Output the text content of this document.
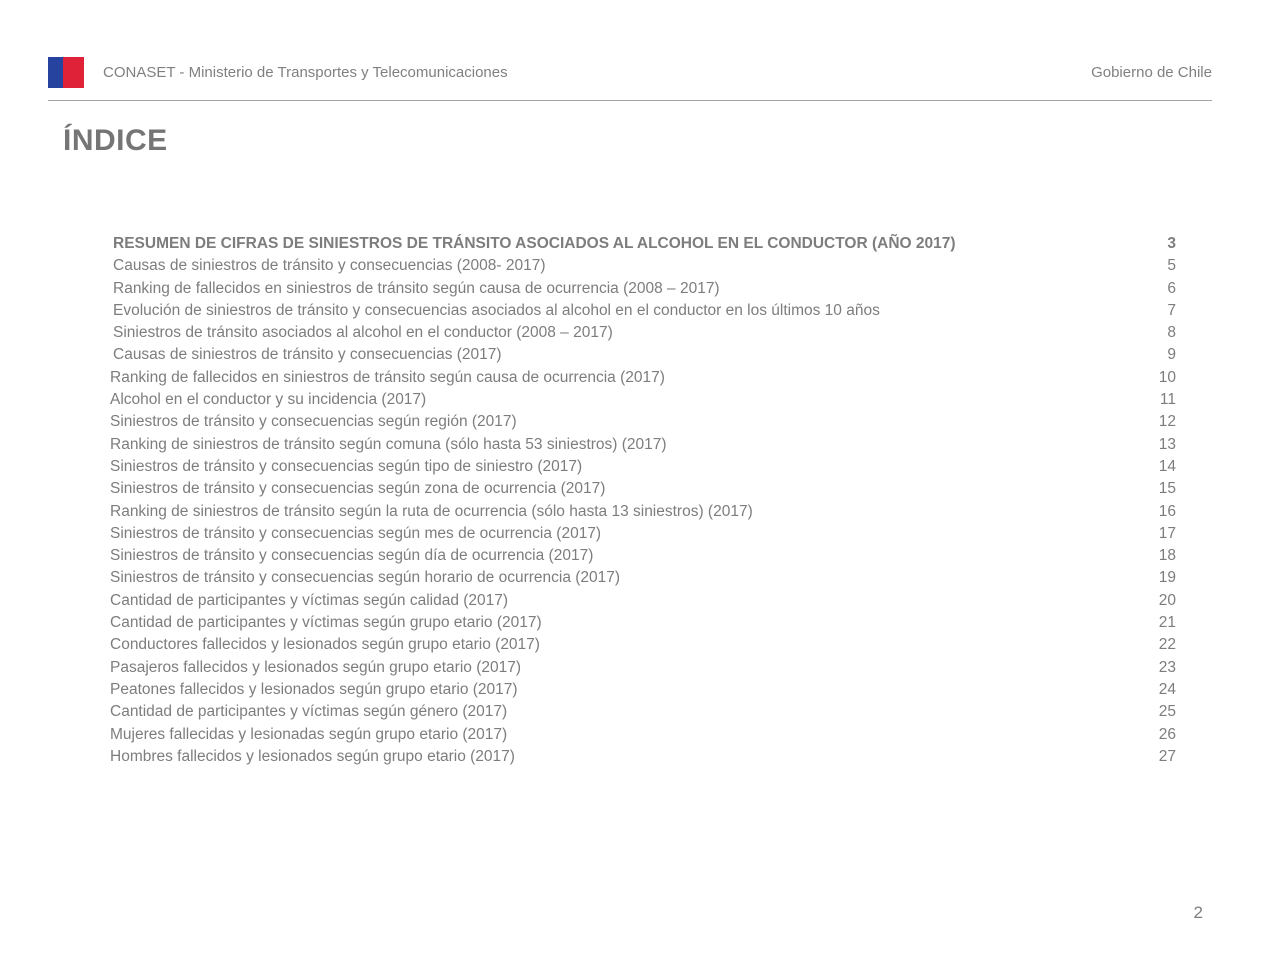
CONASET - Ministerio de Transportes y Telecomunicaciones	Gobierno de Chile
ÍNDICE
RESUMEN DE CIFRAS DE SINIESTROS DE TRÁNSITO ASOCIADOS AL ALCOHOL EN EL CONDUCTOR (AÑO 2017)	3
Causas de siniestros de tránsito y consecuencias (2008- 2017)	5
Ranking de fallecidos en siniestros de tránsito según causa de ocurrencia (2008 – 2017)	6
Evolución de siniestros de tránsito y consecuencias asociados al alcohol en el conductor en los últimos 10 años	7
Siniestros de tránsito asociados al alcohol en el conductor (2008 – 2017)	8
Causas de siniestros de tránsito y consecuencias (2017)	9
Ranking de fallecidos en siniestros de tránsito según causa de ocurrencia (2017)	10
Alcohol en el conductor y su incidencia (2017)	11
Siniestros de tránsito y consecuencias según región (2017)	12
Ranking de siniestros de tránsito según comuna (sólo hasta 53 siniestros) (2017)	13
Siniestros de tránsito y consecuencias según tipo de siniestro (2017)	14
Siniestros de tránsito y consecuencias según zona de ocurrencia (2017)	15
Ranking de siniestros de tránsito según la ruta de ocurrencia (sólo hasta 13 siniestros) (2017)	16
Siniestros de tránsito y consecuencias según mes de ocurrencia (2017)	17
Siniestros de tránsito y consecuencias según día de ocurrencia (2017)	18
Siniestros de tránsito y consecuencias según horario de ocurrencia (2017)	19
Cantidad de participantes y víctimas según calidad (2017)	20
Cantidad de participantes y víctimas según grupo etario (2017)	21
Conductores fallecidos y lesionados según grupo etario (2017)	22
Pasajeros fallecidos y lesionados según grupo etario (2017)	23
Peatones fallecidos y lesionados según grupo etario (2017)	24
Cantidad de participantes y víctimas según género (2017)	25
Mujeres fallecidas y lesionadas según grupo etario (2017)	26
Hombres fallecidos y lesionados según grupo etario (2017)	27
2
